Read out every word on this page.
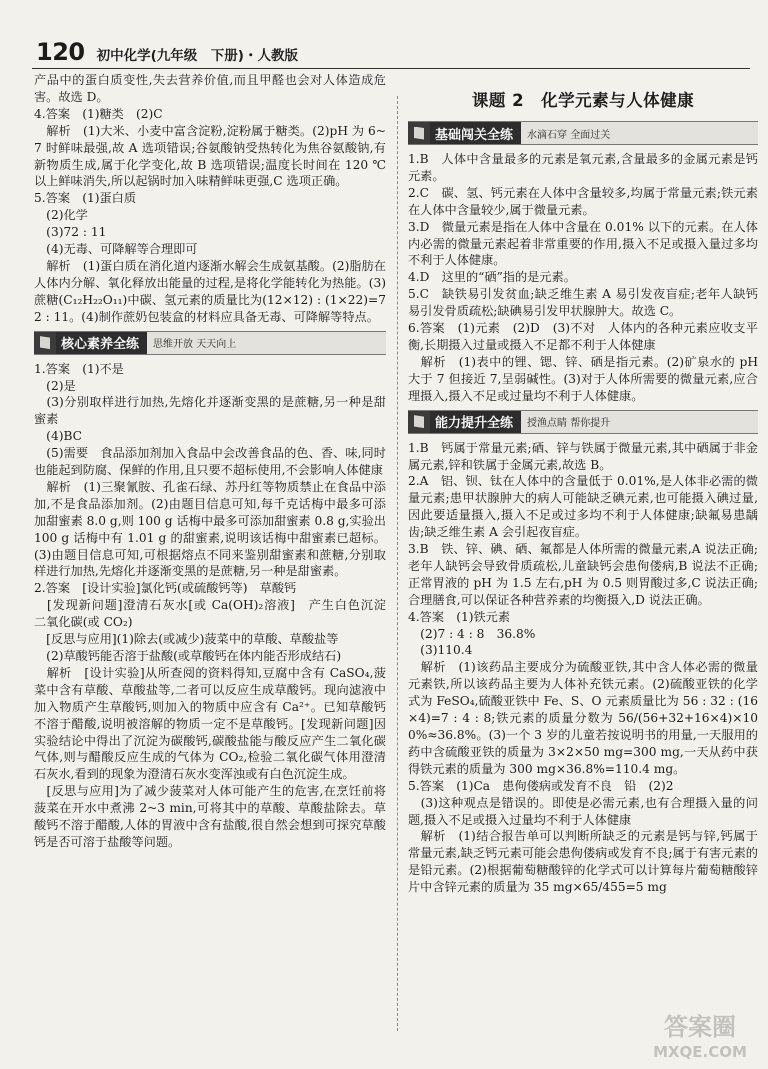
120 初中化学(九年级　下册)・人教版

产品中的蛋白质变性,失去营养价值,而且甲醛也会对人体造成危害。故选 D。

4.答案　(1)糖类　(2)C

　解析　(1)大米、小麦中富含淀粉,淀粉属于糖类。(2)pH 为 6~7 时鲜味最强,故 A 选项错误;谷氨酸钠受热转化为焦谷氨酸钠,有新物质生成,属于化学变化,故 B 选项错误;温度长时间在 120 ℃以上鲜味消失,所以起锅时加入味精鲜味更强,C 选项正确。

5.答案　(1)蛋白质

　(2)化学

　(3)72 : 11

　(4)无毒、可降解等合理即可

　解析　(1)蛋白质在消化道内逐渐水解会生成氨基酸。(2)脂肪在人体内分解、氧化释放出能量的过程,是将化学能转化为热能。(3)蔗糖(C₁₂H₂₂O₁₁)中碳、氢元素的质量比为(12×12) : (1×22)=72 : 11。(4)制作蔗奶包装盒的材料应具备无毒、可降解等特点。

核心素养全练	思维开放 天天向上

1.答案　(1)不是

　(2)是

　(3)分别取样进行加热,先熔化并逐渐变黑的是蔗糖,另一种是甜蜜素

　(4)BC

　(5)需要　食品添加剂加入食品中会改善食品的色、香、味,同时也能起到防腐、保鲜的作用,且只要不超标使用,不会影响人体健康

　解析　(1)三聚氰胺、孔雀石绿、苏丹红等物质禁止在食品中添加,不是食品添加剂。(2)由题目信息可知,每千克话梅中最多可添加甜蜜素 8.0 g,则 100 g 话梅中最多可添加甜蜜素 0.8 g,实验出 100 g 话梅中有 1.01 g 的甜蜜素,说明该话梅中甜蜜素已超标。(3)由题目信息可知,可根据熔点不同来鉴别甜蜜素和蔗糖,分别取样进行加热,先熔化并逐渐变黑的是蔗糖,另一种是甜蜜素。

2.答案　[设计实验]氯化钙(或硫酸钙等)　草酸钙

　[发现新问题]澄清石灰水[或 Ca(OH)₂溶液]　产生白色沉淀　二氧化碳(或 CO₂)

　[反思与应用](1)除去(或减少)菠菜中的草酸、草酸盐等

　(2)草酸钙能否溶于盐酸(或草酸钙在体内能否形成结石)

　解析　[设计实验]从所查阅的资料得知,豆腐中含有 CaSO₄,菠菜中含有草酸、草酸盐等,二者可以反应生成草酸钙。现向滤液中加入物质产生草酸钙,则加入的物质中应含有 Ca²⁺。已知草酸钙不溶于醋酸,说明被溶解的物质一定不是草酸钙。[发现新问题]因实验结论中得出了沉淀为碳酸钙,碳酸盐能与酸反应产生二氧化碳气体,则与醋酸反应生成的气体为 CO₂,检验二氧化碳气体用澄清石灰水,看到的现象为澄清石灰水变浑浊或有白色沉淀生成。

　[反思与应用]为了减少菠菜对人体可能产生的危害,在烹饪前将菠菜在开水中煮沸 2~3 min,可将其中的草酸、草酸盐除去。草酸钙不溶于醋酸,人体的胃液中含有盐酸,很自然会想到可探究草酸钙是否可溶于盐酸等问题。

课题 2　化学元素与人体健康
基础闯关全练	水滴石穿 全面过关

1.B　人体中含量最多的元素是氧元素,含量最多的金属元素是钙元素。

2.C　碳、氢、钙元素在人体中含量较多,均属于常量元素;铁元素在人体中含量较少,属于微量元素。

3.D　微量元素是指在人体中含量在 0.01% 以下的元素。在人体内必需的微量元素起着非常重要的作用,摄入不足或摄入量过多均不利于人体健康。

4.D　这里的“硒”指的是元素。

5.C　缺铁易引发贫血;缺乏维生素 A 易引发夜盲症;老年人缺钙易引发骨质疏松;缺碘易引发甲状腺肿大。故选 C。

6.答案　(1)元素　(2)D　(3)不对　人体内的各种元素应收支平衡,长期摄入过量或摄入不足都不利于人体健康

　解析　(1)表中的锂、锶、锌、硒是指元素。(2)矿泉水的 pH 大于 7 但接近 7,呈弱碱性。(3)对于人体所需要的微量元素,应合理摄入,摄入不足或过量均不利于人体健康。

能力提升全练	授渔点睛 帮你提升

1.B　钙属于常量元素;硒、锌与铁属于微量元素,其中硒属于非金属元素,锌和铁属于金属元素,故选 B。

2.A　铝、钡、钛在人体中的含量低于 0.01%,是人体非必需的微量元素;患甲状腺肿大的病人可能缺乏碘元素,也可能摄入碘过量,因此要适量摄入,摄入不足或过多均不利于人体健康;缺氟易患龋齿;缺乏维生素 A 会引起夜盲症。

3.B　铁、锌、碘、硒、氟都是人体所需的微量元素,A 说法正确;老年人缺钙会导致骨质疏松,儿童缺钙会患佝偻病,B 说法不正确;正常胃液的 pH 为 1.5 左右,pH 为 0.5 则胃酸过多,C 说法正确;合理膳食,可以保证各种营养素的均衡摄入,D 说法正确。

4.答案　(1)铁元素

　(2)7 : 4 : 8　36.8%

　(3)110.4

　解析　(1)该药品主要成分为硫酸亚铁,其中含人体必需的微量元素铁,所以该药品主要为人体补充铁元素。(2)硫酸亚铁的化学式为 FeSO₄,硫酸亚铁中 Fe、S、O 元素质量比为 56 : 32 : (16×4)=7 : 4 : 8;铁元素的质量分数为 56/(56+32+16×4)×100%≈36.8%。(3)一个 3 岁的儿童若按说明书的用量,一天服用的药中含硫酸亚铁的质量为 3×2×50 mg=300 mg,一天从药中获得铁元素的质量为 300 mg×36.8%=110.4 mg。

5.答案　(1)Ca　患佝偻病或发育不良　铅　(2)2

　(3)这种观点是错误的。即使是必需元素,也有合理摄入量的问题,摄入不足或摄入过量均不利于人体健康

　解析　(1)结合报告单可以判断所缺乏的元素是钙与锌,钙属于常量元素,缺乏钙元素可能会患佝偻病或发育不良;属于有害元素的是铅元素。(2)根据葡萄糖酸锌的化学式可以计算每片葡萄糖酸锌片中含锌元素的质量为 35 mg×65/455=5 mg

答案圈
MXQE.COM
